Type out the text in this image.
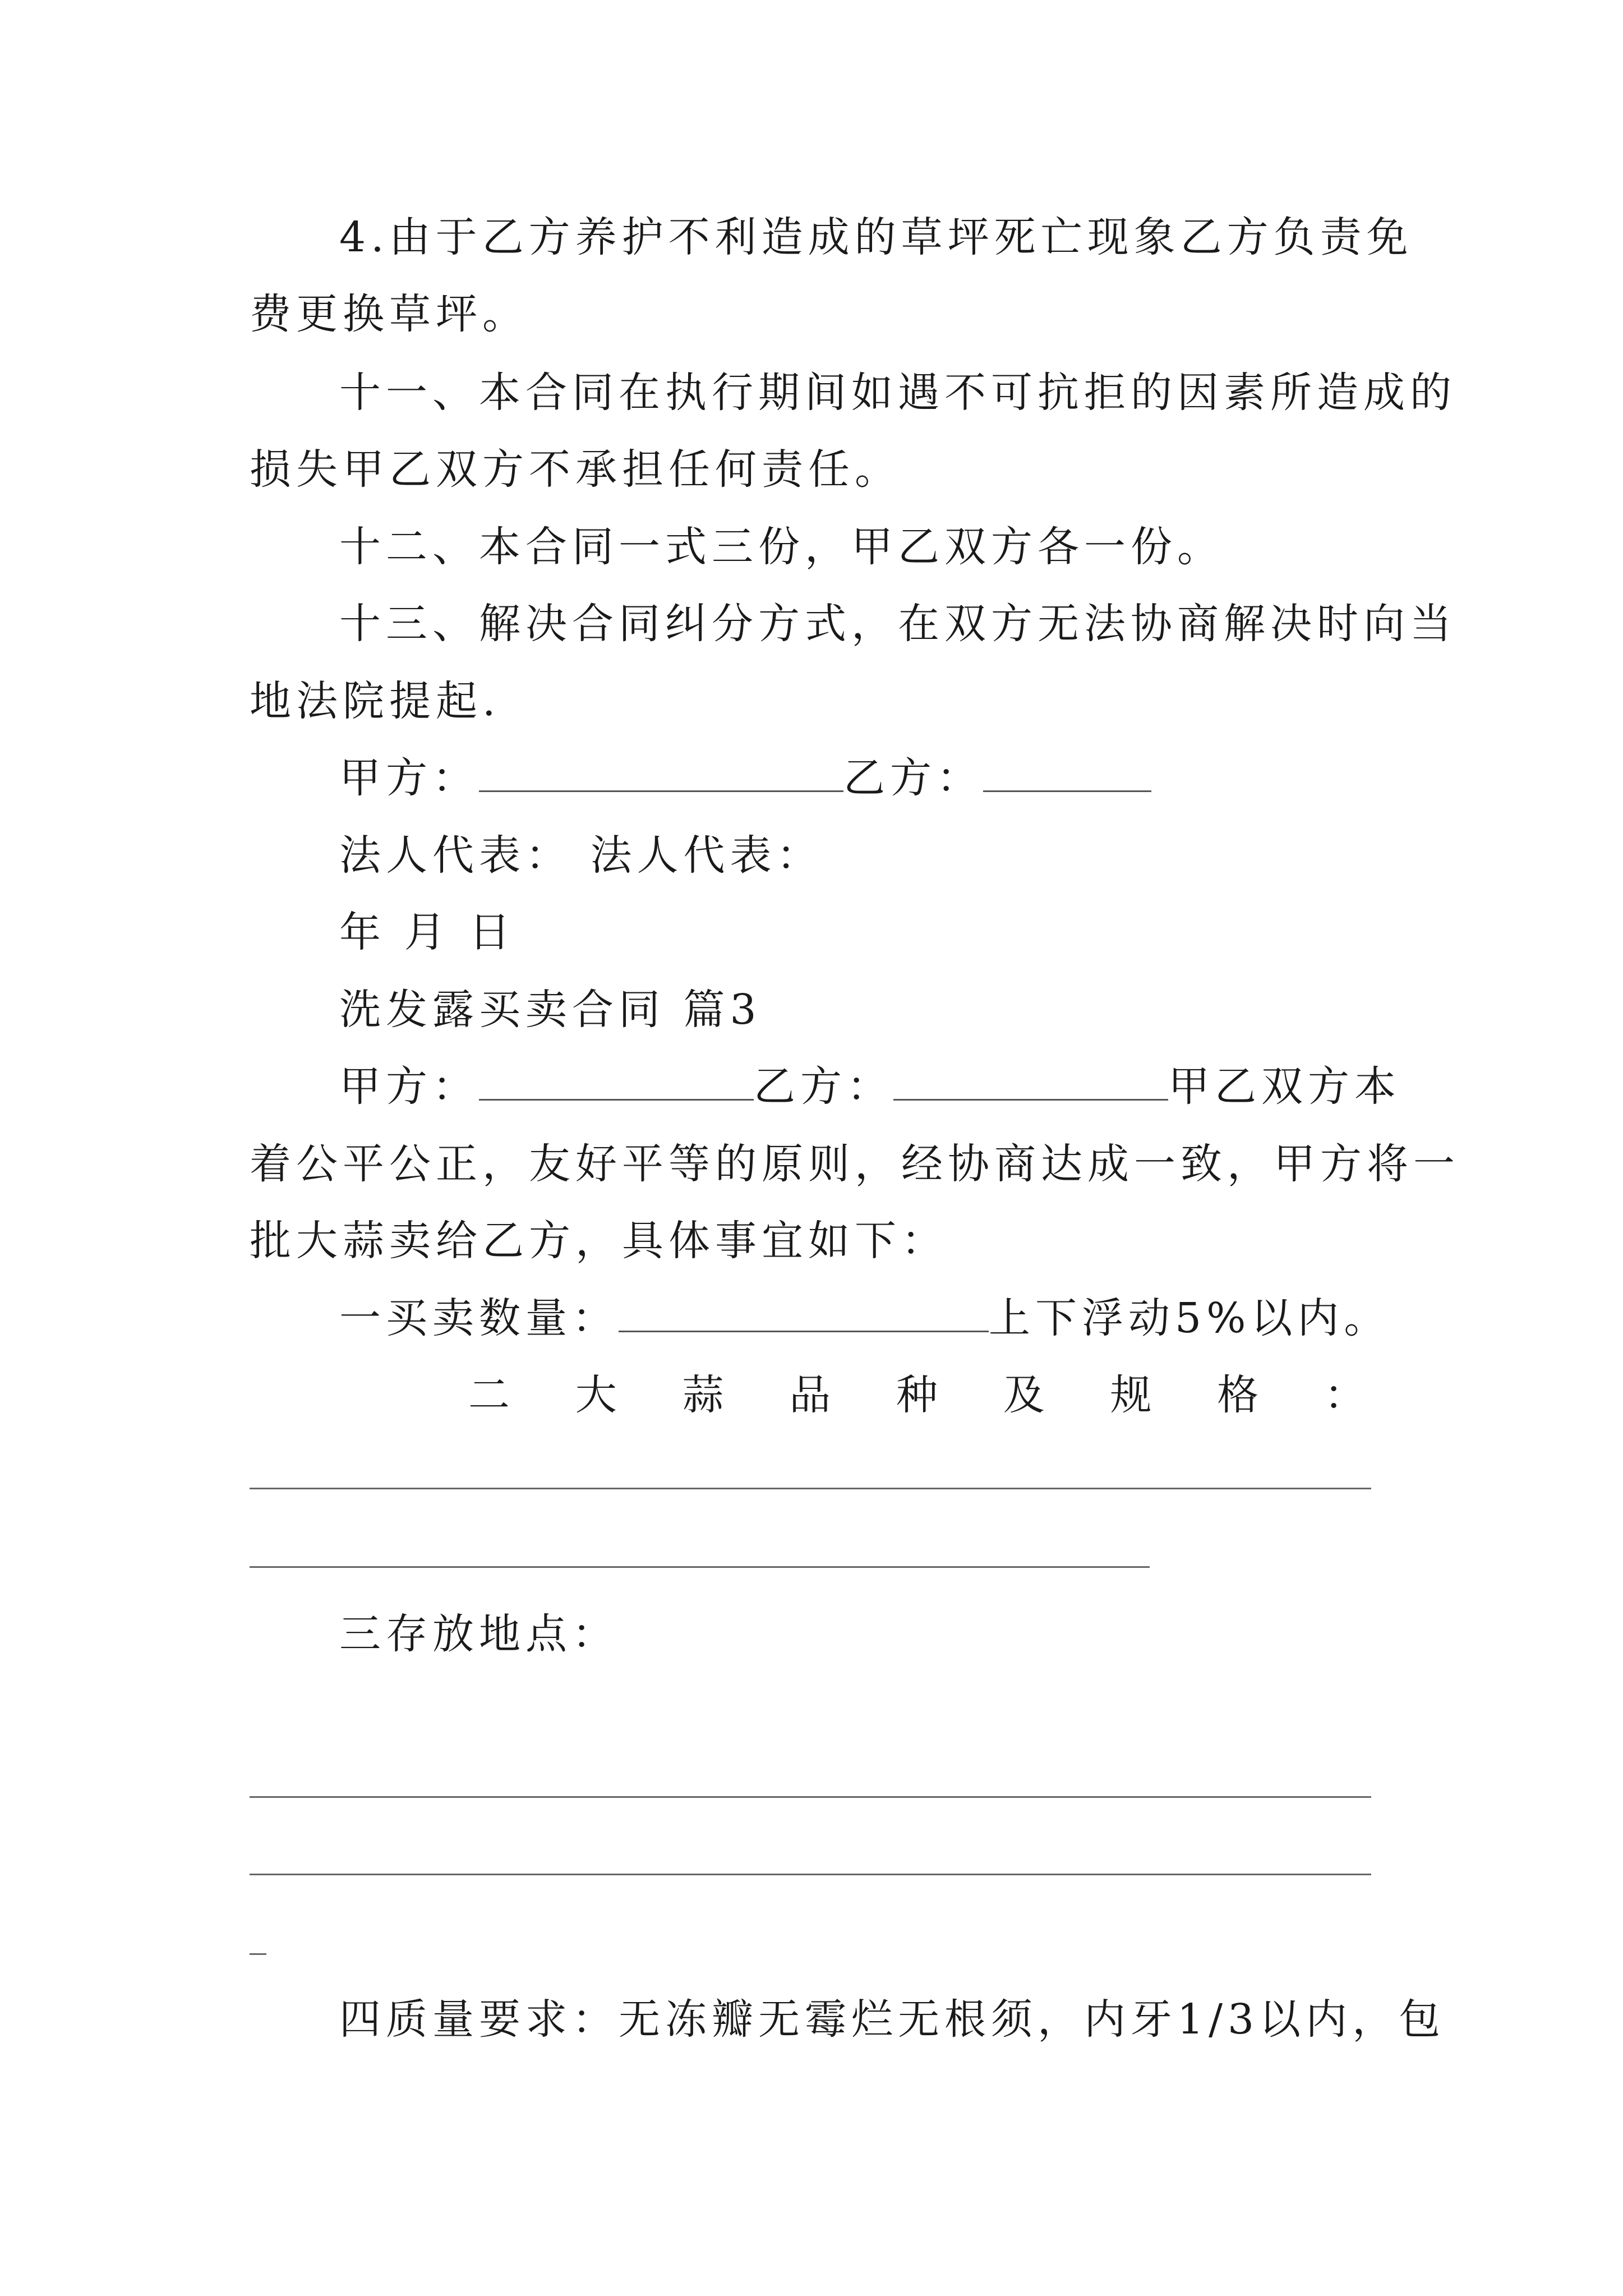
4.由于乙方养护不利造成的草坪死亡现象乙方负责免
费更换草坪。
十一、本合同在执行期间如遇不可抗拒的因素所造成的
损失甲乙双方不承担任何责任。
十二、本合同一式三份，甲乙双方各一份。
十三、解决合同纠分方式，在双方无法协商解决时向当
地法院提起.
甲方：	乙方：
法人代表： 法人代表：
年 月 日
洗发露买卖合同 篇3
甲方：	乙方：	甲乙双方本
着公平公正，友好平等的原则，经协商达成一致，甲方将一
批大蒜卖给乙方，具体事宜如下：
一买卖数量：	上下浮动5%以内。
二 大 蒜 品 种 及 规 格 ：
三存放地点：
四质量要求：无冻瓣无霉烂无根须，内牙1/3以内，包
